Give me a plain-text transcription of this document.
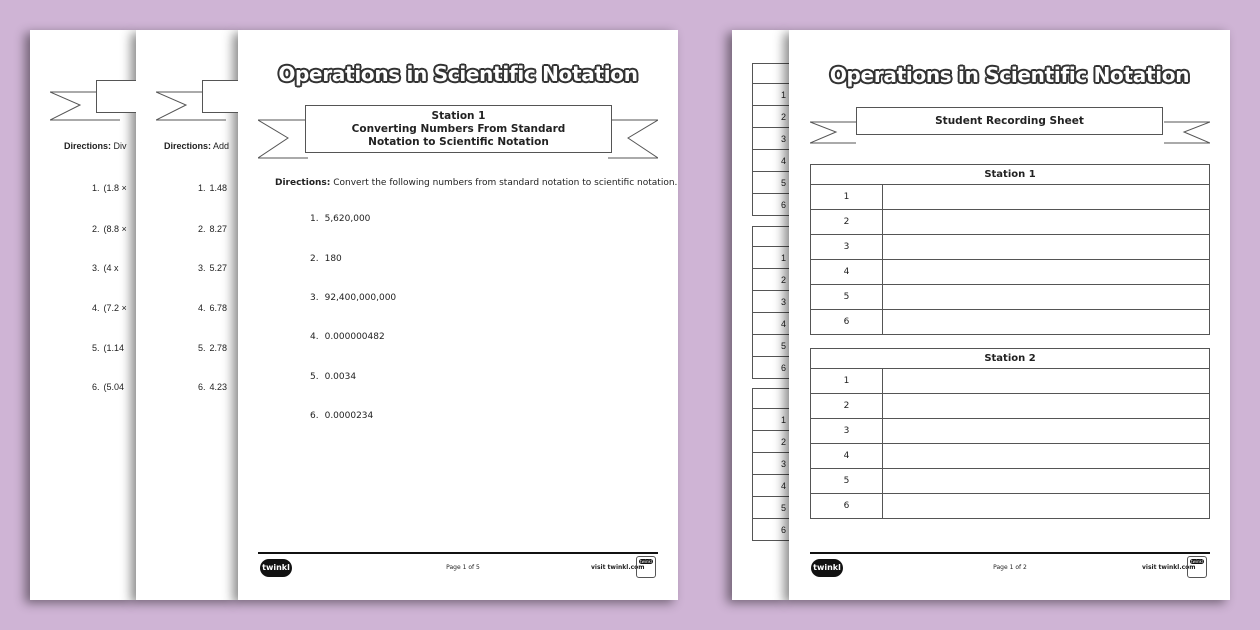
Directions: Div
1. (1.8 ×
2. (8.8 ×
3. (4 x
4. (7.2 ×
5. (1.14
6. (5.04
Directions: Add
1. 1.48
2. 8.27
3. 5.27
4. 6.78
5. 2.78
6. 4.23
Operations in Scientific Notation
Station 1
Converting Numbers From Standard Notation to Scientific Notation
Directions: Convert the following numbers from standard notation to scientific notation.
twinkl	Page 1 of 5	visit twinkl.com
twinkl
1. 5,620,000
2. 180
3. 92,400,000,000
4. 0.000000482
5. 0.0034
6. 0.0000234

1
2
3
4
5
6

1
2
3
4
5
6

1
2
3
4
5
6
Operations in Scientific Notation
Student Recording Sheet
twinkl	Page 1 of 2	visit twinkl.com
twinkl
Station 1	
1	
2	
3	
4	
5	
6	
Station 2	
1	
2	
3	
4	
5	
6	
